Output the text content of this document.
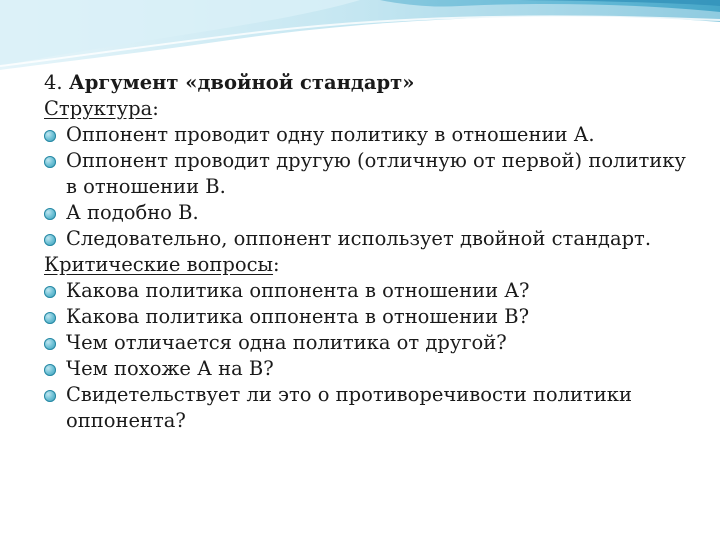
4. Аргумент «двойной стандарт»
Структура:
Оппонент проводит одну политику в отношении А.
Оппонент проводит другую (отличную от первой) политику в отношении В.
А подобно В.
Следовательно, оппонент использует двойной стандарт.
Критические вопросы:
Какова политика оппонента в отношении А?
Какова политика оппонента в отношении В?
Чем отличается одна политика от другой?
Чем похоже А на В?
Свидетельствует ли это о противоречивости политики оппонента?
